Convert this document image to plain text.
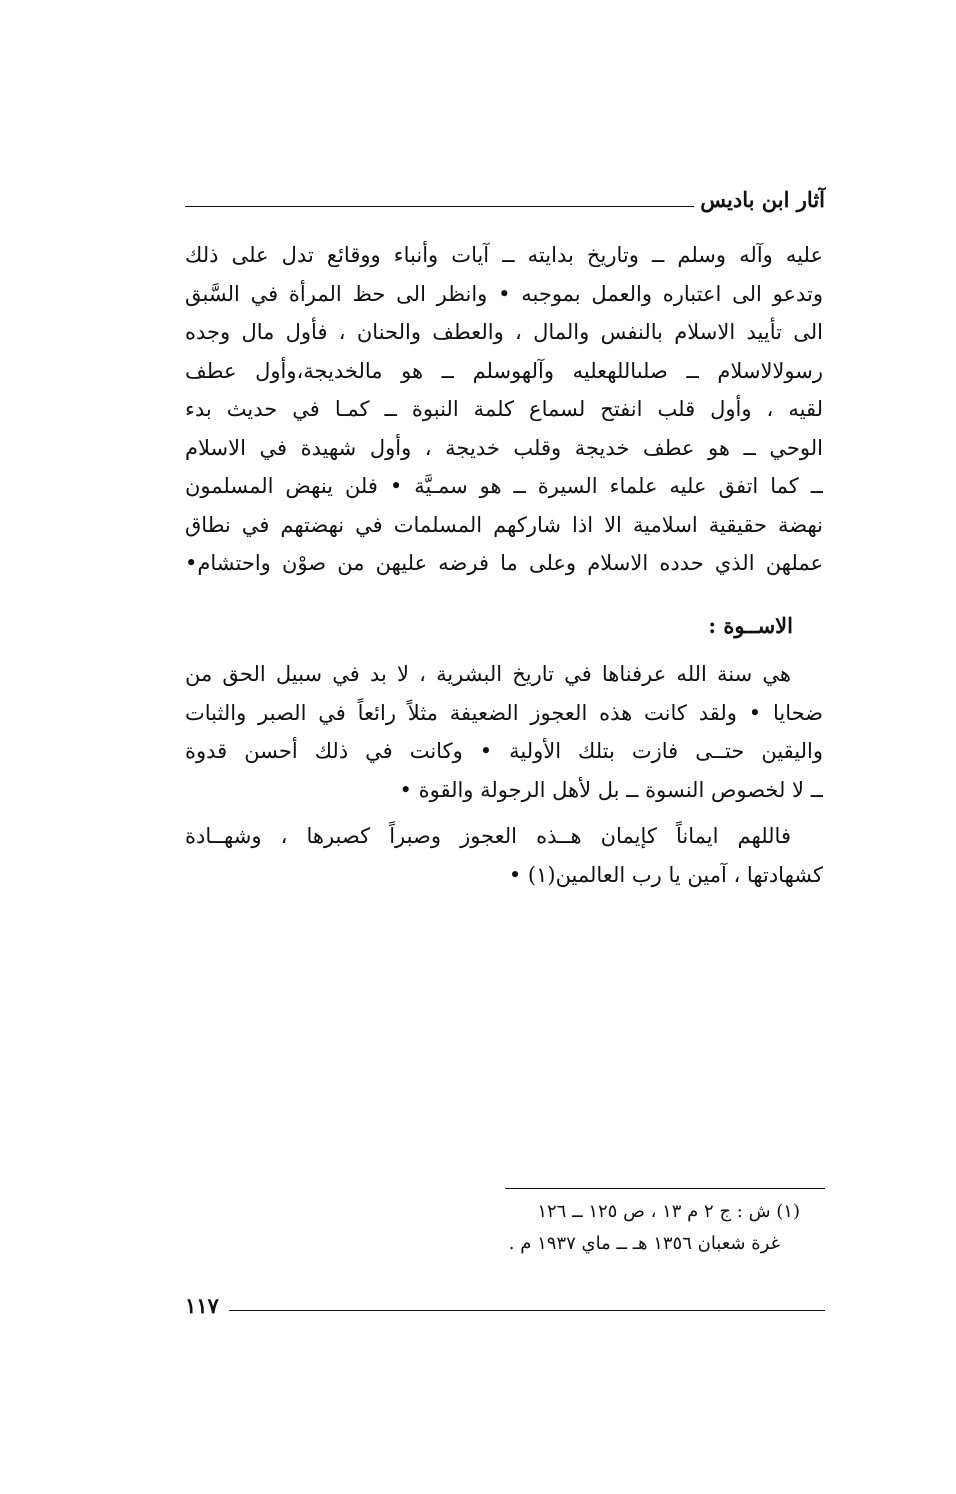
آثار ابن باديس
عليه وآله وسلم ــ وتاريخ بدايته ــ آيات وأنباء ووقائع تدل على ذلك
وتدعو الى اعتباره والعمل بموجبه • وانظر الى حظ المرأة في السَّبق
الى تأييد الاسلام بالنفس والمال ، والعطف والحنان ، فأول مال وجده
رسولالاسلام ــ صلىاللهعليه وآلهوسلم ــ هو مالخديجة،وأول عطف
لقيه ، وأول قلب انفتح لسماع كلمة النبوة ــ كمـا في حديث بدء
الوحي ــ هو عطف خديجة وقلب خديجة ، وأول شهيدة في الاسلام
ــ كما اتفق عليه علماء السيرة ــ هو سمـيَّة • فلن ينهض المسلمون
نهضة حقيقية اسلامية الا اذا شاركهم المسلمات في نهضتهم في نطاق
عملهن الذي حدده الاسلام وعلى ما فرضه عليهن من صوْن واحتشام•
الاســوة :
هي سنة الله عرفناها في تاريخ البشرية ، لا بد في سبيل الحق من
ضحايا • ولقد كانت هذه العجوز الضعيفة مثلاً رائعاً في الصبر والثبات
واليقين حتــى فازت بتلك الأولية • وكانت في ذلك أحسن قدوة
ــ لا لخصوص النسوة ــ بل لأهل الرجولة والقوة •
فاللهم ايماناً كإيمان هــذه العجوز وصبراً كصبرها ، وشهــادة
كشهادتها ، آمين يا رب العالمين(١) •
(١) ش : ج ٢ م ١٣ ، ص ١٢٥ ــ ١٢٦
غرة شعبان ١٣٥٦ هـ ــ ماي ١٩٣٧ م .
١١٧
